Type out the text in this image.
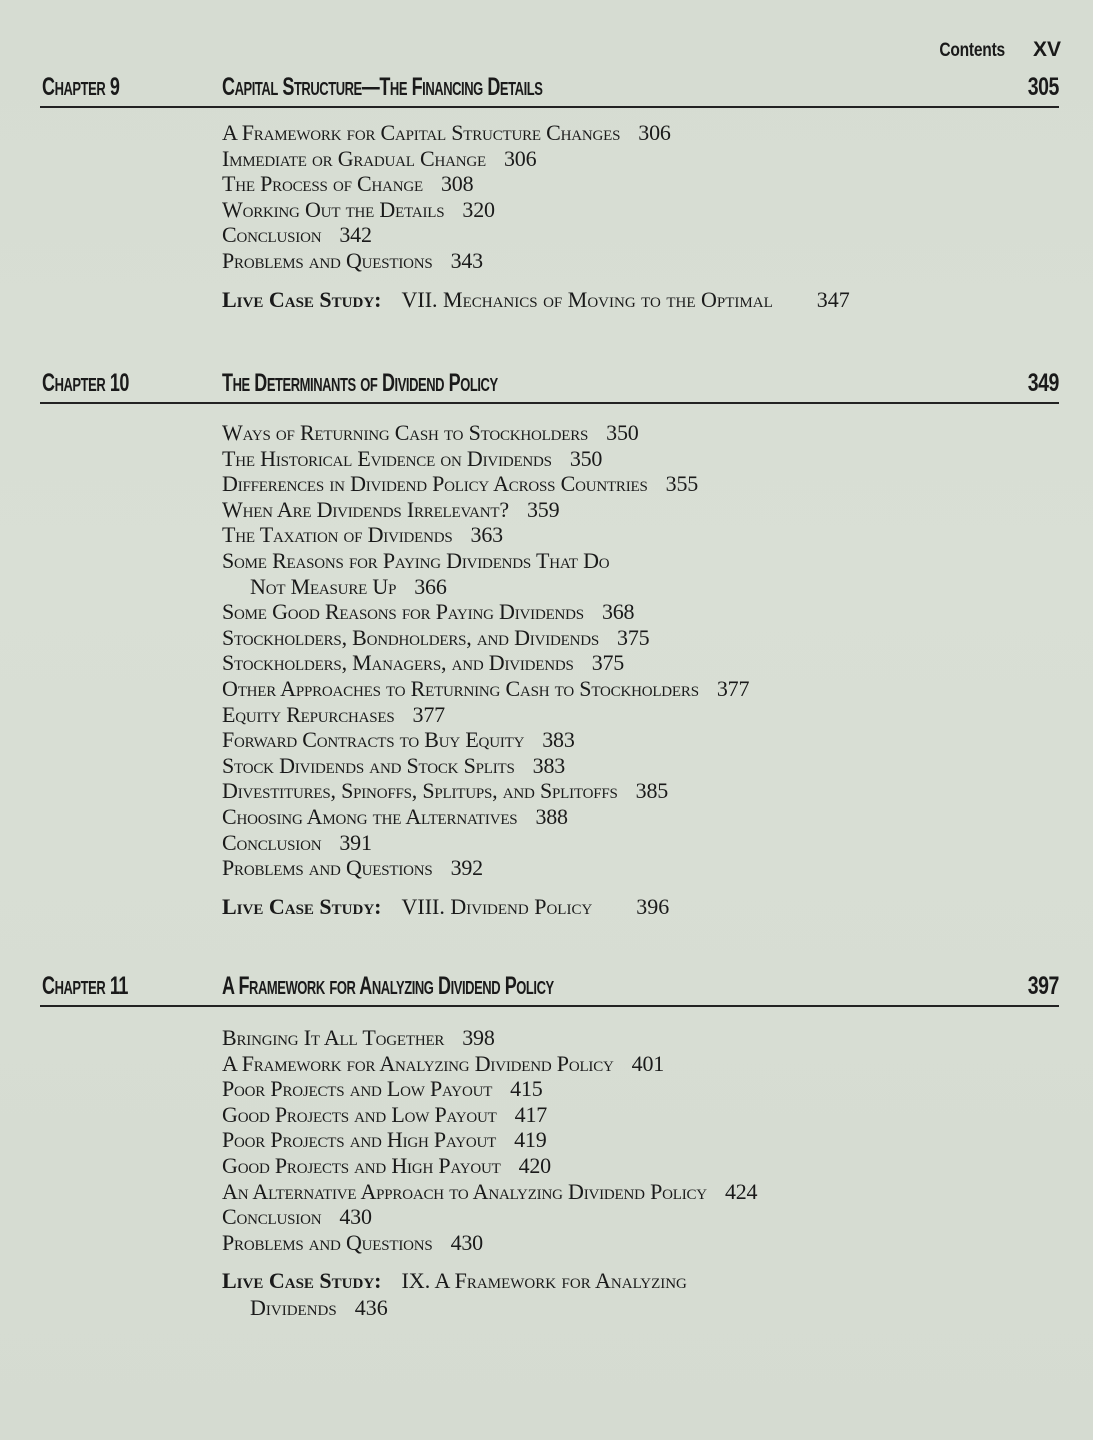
Contents XV
Chapter 9	Capital Structure—The Financing Details	305
A Framework for Capital Structure Changes 306
Immediate or Gradual Change 306
The Process of Change 308
Working Out the Details 320
Conclusion 342
Problems and Questions 343
Live Case Study: VII. Mechanics of Moving to the Optimal 347
Chapter 10	The Determinants of Dividend Policy	349
Ways of Returning Cash to Stockholders 350
The Historical Evidence on Dividends 350
Differences in Dividend Policy Across Countries 355
When Are Dividends Irrelevant? 359
The Taxation of Dividends 363
Some Reasons for Paying Dividends That Do
Not Measure Up 366
Some Good Reasons for Paying Dividends 368
Stockholders, Bondholders, and Dividends 375
Stockholders, Managers, and Dividends 375
Other Approaches to Returning Cash to Stockholders 377
Equity Repurchases 377
Forward Contracts to Buy Equity 383
Stock Dividends and Stock Splits 383
Divestitures, Spinoffs, Splitups, and Splitoffs 385
Choosing Among the Alternatives 388
Conclusion 391
Problems and Questions 392
Live Case Study: VIII. Dividend Policy 396
Chapter 11	A Framework for Analyzing Dividend Policy	397
Bringing It All Together 398
A Framework for Analyzing Dividend Policy 401
Poor Projects and Low Payout 415
Good Projects and Low Payout 417
Poor Projects and High Payout 419
Good Projects and High Payout 420
An Alternative Approach to Analyzing Dividend Policy 424
Conclusion 430
Problems and Questions 430
Live Case Study: IX. A Framework for Analyzing
Dividends 436
